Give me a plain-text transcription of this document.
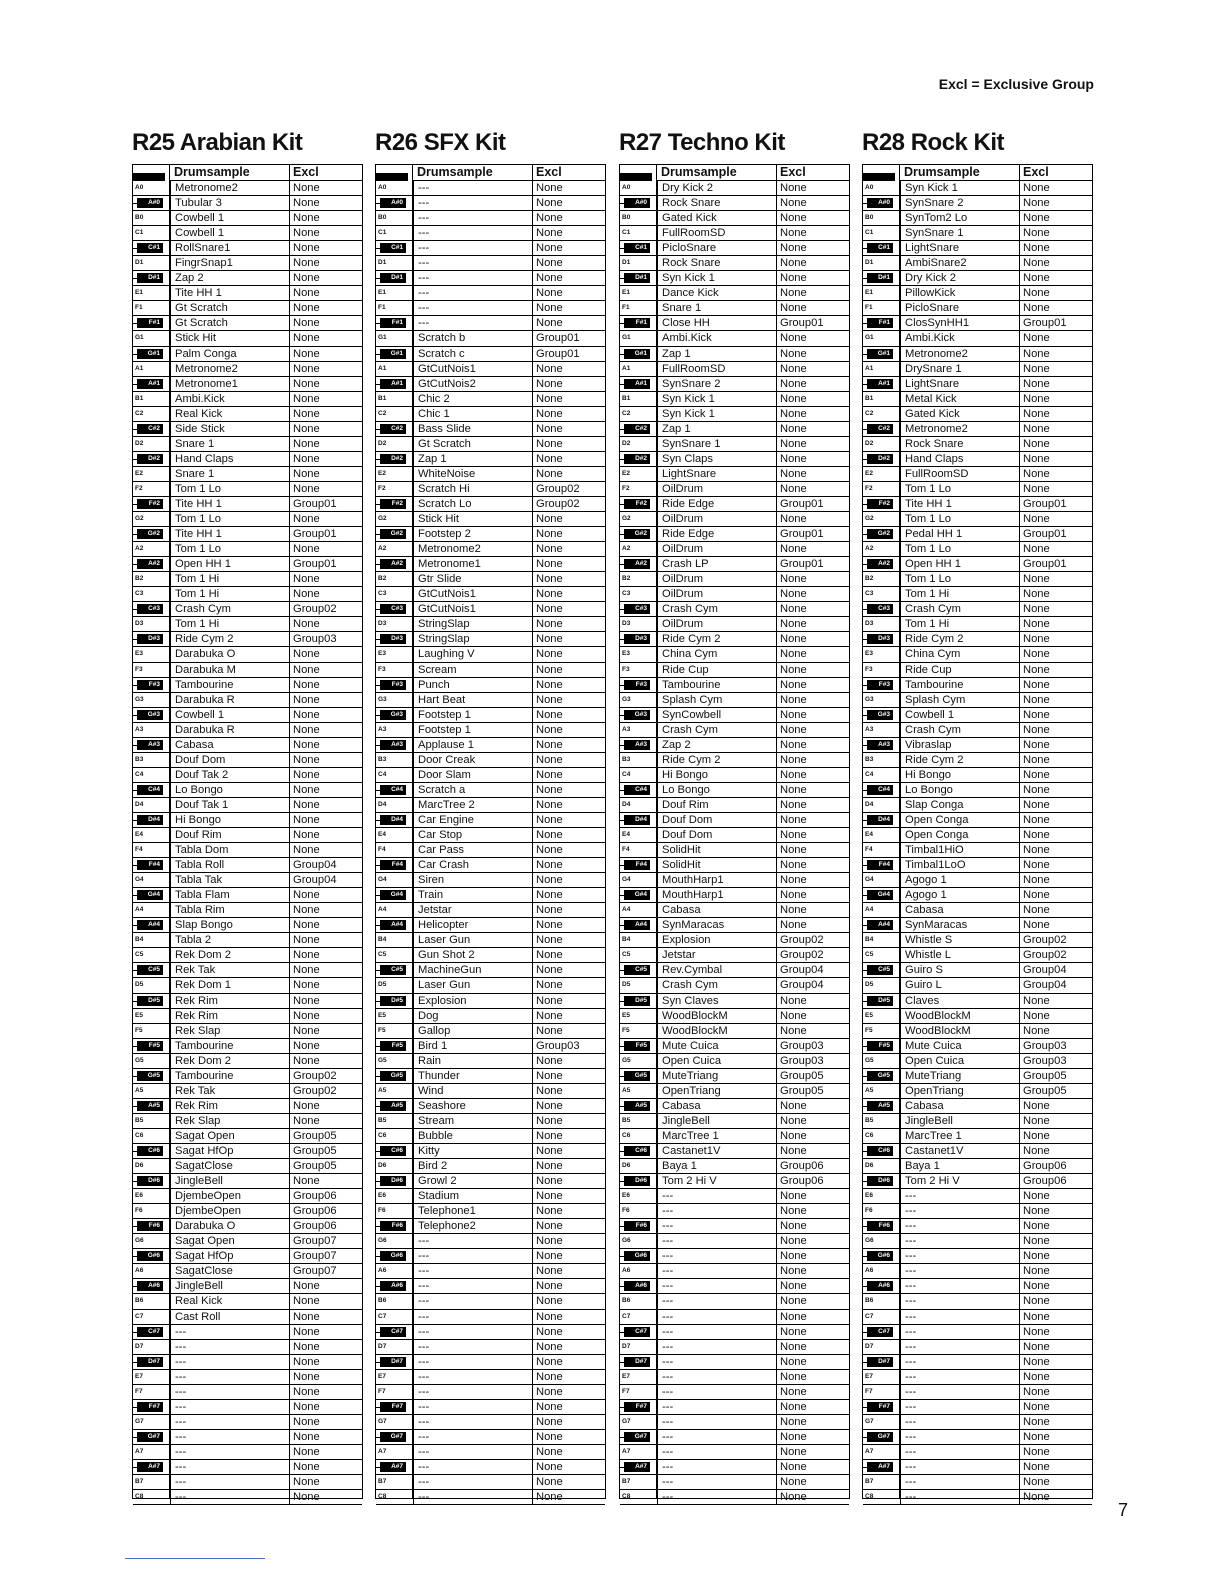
Excl = Exclusive Group
R25 Arabian Kit
Drumsample	Excl
A0	Metronome2	None
A#0	Tubular 3	None
B0	Cowbell 1	None
C1	Cowbell 1	None
C#1	RollSnare1	None
D1	FingrSnap1	None
D#1	Zap 2	None
E1	Tite HH 1	None
F1	Gt Scratch	None
F#1	Gt Scratch	None
G1	Stick Hit	None
G#1	Palm Conga	None
A1	Metronome2	None
A#1	Metronome1	None
B1	Ambi.Kick	None
C2	Real Kick	None
C#2	Side Stick	None
D2	Snare 1	None
D#2	Hand Claps	None
E2	Snare 1	None
F2	Tom 1 Lo	None
F#2	Tite HH 1	Group01
G2	Tom 1 Lo	None
G#2	Tite HH 1	Group01
A2	Tom 1 Lo	None
A#2	Open HH 1	Group01
B2	Tom 1 Hi	None
C3	Tom 1 Hi	None
C#3	Crash Cym	Group02
D3	Tom 1 Hi	None
D#3	Ride Cym 2	Group03
E3	Darabuka O	None
F3	Darabuka M	None
F#3	Tambourine	None
G3	Darabuka R	None
G#3	Cowbell 1	None
A3	Darabuka R	None
A#3	Cabasa	None
B3	Douf Dom	None
C4	Douf Tak 2	None
C#4	Lo Bongo	None
D4	Douf Tak 1	None
D#4	Hi Bongo	None
E4	Douf Rim	None
F4	Tabla Dom	None
F#4	Tabla Roll	Group04
G4	Tabla Tak	Group04
G#4	Tabla Flam	None
A4	Tabla Rim	None
A#4	Slap Bongo	None
B4	Tabla 2	None
C5	Rek Dom 2	None
C#5	Rek Tak	None
D5	Rek Dom 1	None
D#5	Rek Rim	None
E5	Rek Rim	None
F5	Rek Slap	None
F#5	Tambourine	None
G5	Rek Dom 2	None
G#5	Tambourine	Group02
A5	Rek Tak	Group02
A#5	Rek Rim	None
B5	Rek Slap	None
C6	Sagat Open	Group05
C#6	Sagat HfOp	Group05
D6	SagatClose	Group05
D#6	JingleBell	None
E6	DjembeOpen	Group06
F6	DjembeOpen	Group06
F#6	Darabuka O	Group06
G6	Sagat Open	Group07
G#6	Sagat HfOp	Group07
A6	SagatClose	Group07
A#6	JingleBell	None
B6	Real Kick	None
C7	Cast Roll	None
C#7	---	None
D7	---	None
D#7	---	None
E7	---	None
F7	---	None
F#7	---	None
G7	---	None
G#7	---	None
A7	---	None
A#7	---	None
B7	---	None
C8	---	None
R26 SFX Kit
Drumsample	Excl
A0	---	None
A#0	---	None
B0	---	None
C1	---	None
C#1	---	None
D1	---	None
D#1	---	None
E1	---	None
F1	---	None
F#1	---	None
G1	Scratch b	Group01
G#1	Scratch c	Group01
A1	GtCutNois1	None
A#1	GtCutNois2	None
B1	Chic 2	None
C2	Chic 1	None
C#2	Bass Slide	None
D2	Gt Scratch	None
D#2	Zap 1	None
E2	WhiteNoise	None
F2	Scratch Hi	Group02
F#2	Scratch Lo	Group02
G2	Stick Hit	None
G#2	Footstep 2	None
A2	Metronome2	None
A#2	Metronome1	None
B2	Gtr Slide	None
C3	GtCutNois1	None
C#3	GtCutNois1	None
D3	StringSlap	None
D#3	StringSlap	None
E3	Laughing V	None
F3	Scream	None
F#3	Punch	None
G3	Hart Beat	None
G#3	Footstep 1	None
A3	Footstep 1	None
A#3	Applause 1	None
B3	Door Creak	None
C4	Door Slam	None
C#4	Scratch a	None
D4	MarcTree 2	None
D#4	Car Engine	None
E4	Car Stop	None
F4	Car Pass	None
F#4	Car Crash	None
G4	Siren	None
G#4	Train	None
A4	Jetstar	None
A#4	Helicopter	None
B4	Laser Gun	None
C5	Gun Shot 2	None
C#5	MachineGun	None
D5	Laser Gun	None
D#5	Explosion	None
E5	Dog	None
F5	Gallop	None
F#5	Bird 1	Group03
G5	Rain	None
G#5	Thunder	None
A5	Wind	None
A#5	Seashore	None
B5	Stream	None
C6	Bubble	None
C#6	Kitty	None
D6	Bird 2	None
D#6	Growl 2	None
E6	Stadium	None
F6	Telephone1	None
F#6	Telephone2	None
G6	---	None
G#6	---	None
A6	---	None
A#6	---	None
B6	---	None
C7	---	None
C#7	---	None
D7	---	None
D#7	---	None
E7	---	None
F7	---	None
F#7	---	None
G7	---	None
G#7	---	None
A7	---	None
A#7	---	None
B7	---	None
C8	---	None
R27 Techno Kit
Drumsample	Excl
A0	Dry Kick 2	None
A#0	Rock Snare	None
B0	Gated Kick	None
C1	FullRoomSD	None
C#1	PicloSnare	None
D1	Rock Snare	None
D#1	Syn Kick 1	None
E1	Dance Kick	None
F1	Snare 1	None
F#1	Close HH	Group01
G1	Ambi.Kick	None
G#1	Zap 1	None
A1	FullRoomSD	None
A#1	SynSnare 2	None
B1	Syn Kick 1	None
C2	Syn Kick 1	None
C#2	Zap 1	None
D2	SynSnare 1	None
D#2	Syn Claps	None
E2	LightSnare	None
F2	OilDrum	None
F#2	Ride Edge	Group01
G2	OilDrum	None
G#2	Ride Edge	Group01
A2	OilDrum	None
A#2	Crash LP	Group01
B2	OilDrum	None
C3	OilDrum	None
C#3	Crash Cym	None
D3	OilDrum	None
D#3	Ride Cym 2	None
E3	China Cym	None
F3	Ride Cup	None
F#3	Tambourine	None
G3	Splash Cym	None
G#3	SynCowbell	None
A3	Crash Cym	None
A#3	Zap 2	None
B3	Ride Cym 2	None
C4	Hi Bongo	None
C#4	Lo Bongo	None
D4	Douf Rim	None
D#4	Douf Dom	None
E4	Douf Dom	None
F4	SolidHit	None
F#4	SolidHit	None
G4	MouthHarp1	None
G#4	MouthHarp1	None
A4	Cabasa	None
A#4	SynMaracas	None
B4	Explosion	Group02
C5	Jetstar	Group02
C#5	Rev.Cymbal	Group04
D5	Crash Cym	Group04
D#5	Syn Claves	None
E5	WoodBlockM	None
F5	WoodBlockM	None
F#5	Mute Cuica	Group03
G5	Open Cuica	Group03
G#5	MuteTriang	Group05
A5	OpenTriang	Group05
A#5	Cabasa	None
B5	JingleBell	None
C6	MarcTree 1	None
C#6	Castanet1V	None
D6	Baya 1	Group06
D#6	Tom 2 Hi V	Group06
E6	---	None
F6	---	None
F#6	---	None
G6	---	None
G#6	---	None
A6	---	None
A#6	---	None
B6	---	None
C7	---	None
C#7	---	None
D7	---	None
D#7	---	None
E7	---	None
F7	---	None
F#7	---	None
G7	---	None
G#7	---	None
A7	---	None
A#7	---	None
B7	---	None
C8	---	None
R28 Rock Kit
Drumsample	Excl
A0	Syn Kick 1	None
A#0	SynSnare 2	None
B0	SynTom2 Lo	None
C1	SynSnare 1	None
C#1	LightSnare	None
D1	AmbiSnare2	None
D#1	Dry Kick 2	None
E1	PillowKick	None
F1	PicloSnare	None
F#1	ClosSynHH1	Group01
G1	Ambi.Kick	None
G#1	Metronome2	None
A1	DrySnare 1	None
A#1	LightSnare	None
B1	Metal Kick	None
C2	Gated Kick	None
C#2	Metronome2	None
D2	Rock Snare	None
D#2	Hand Claps	None
E2	FullRoomSD	None
F2	Tom 1 Lo	None
F#2	Tite HH 1	Group01
G2	Tom 1 Lo	None
G#2	Pedal HH 1	Group01
A2	Tom 1 Lo	None
A#2	Open HH 1	Group01
B2	Tom 1 Lo	None
C3	Tom 1 Hi	None
C#3	Crash Cym	None
D3	Tom 1 Hi	None
D#3	Ride Cym 2	None
E3	China Cym	None
F3	Ride Cup	None
F#3	Tambourine	None
G3	Splash Cym	None
G#3	Cowbell 1	None
A3	Crash Cym	None
A#3	Vibraslap	None
B3	Ride Cym 2	None
C4	Hi Bongo	None
C#4	Lo Bongo	None
D4	Slap Conga	None
D#4	Open Conga	None
E4	Open Conga	None
F4	Timbal1HiO	None
F#4	Timbal1LoO	None
G4	Agogo 1	None
G#4	Agogo 1	None
A4	Cabasa	None
A#4	SynMaracas	None
B4	Whistle S	Group02
C5	Whistle L	Group02
C#5	Guiro S	Group04
D5	Guiro L	Group04
D#5	Claves	None
E5	WoodBlockM	None
F5	WoodBlockM	None
F#5	Mute Cuica	Group03
G5	Open Cuica	Group03
G#5	MuteTriang	Group05
A5	OpenTriang	Group05
A#5	Cabasa	None
B5	JingleBell	None
C6	MarcTree 1	None
C#6	Castanet1V	None
D6	Baya 1	Group06
D#6	Tom 2 Hi V	Group06
E6	---	None
F6	---	None
F#6	---	None
G6	---	None
G#6	---	None
A6	---	None
A#6	---	None
B6	---	None
C7	---	None
C#7	---	None
D7	---	None
D#7	---	None
E7	---	None
F7	---	None
F#7	---	None
G7	---	None
G#7	---	None
A7	---	None
A#7	---	None
B7	---	None
C8	---	None
7
